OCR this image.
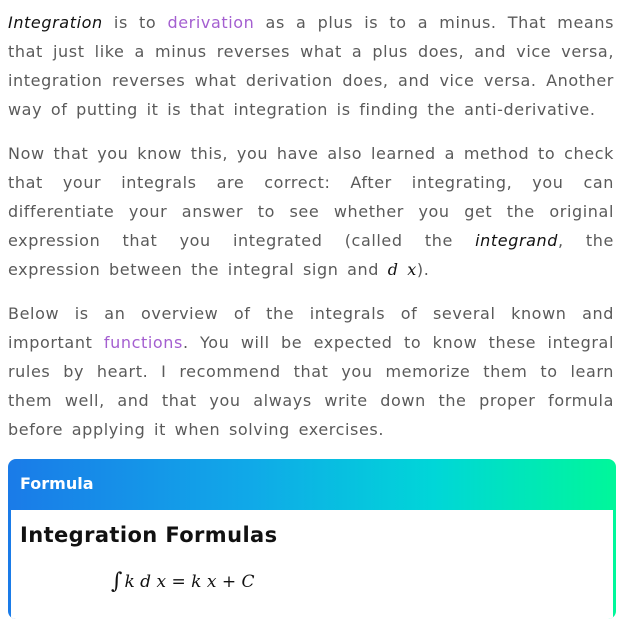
Integration is to derivation as a plus is to a minus. That means that just like a minus reverses what a plus does, and vice versa, integration reverses what derivation does, and vice versa. Another way of putting it is that integration is finding the anti-derivative.

Now that you know this, you have also learned a method to check that your integrals are correct: After integrating, you can differentiate your answer to see whether you get the original expression that you integrated (called the integrand, the expression between the integral sign and d x).

Below is an overview of the integrals of several known and important functions. You will be expected to know these integral rules by heart. I recommend that you memorize them to learn them well, and that you always write down the proper formula before applying it when solving exercises.

Formula
Integration Formulas
∫ k d x = k x + C
